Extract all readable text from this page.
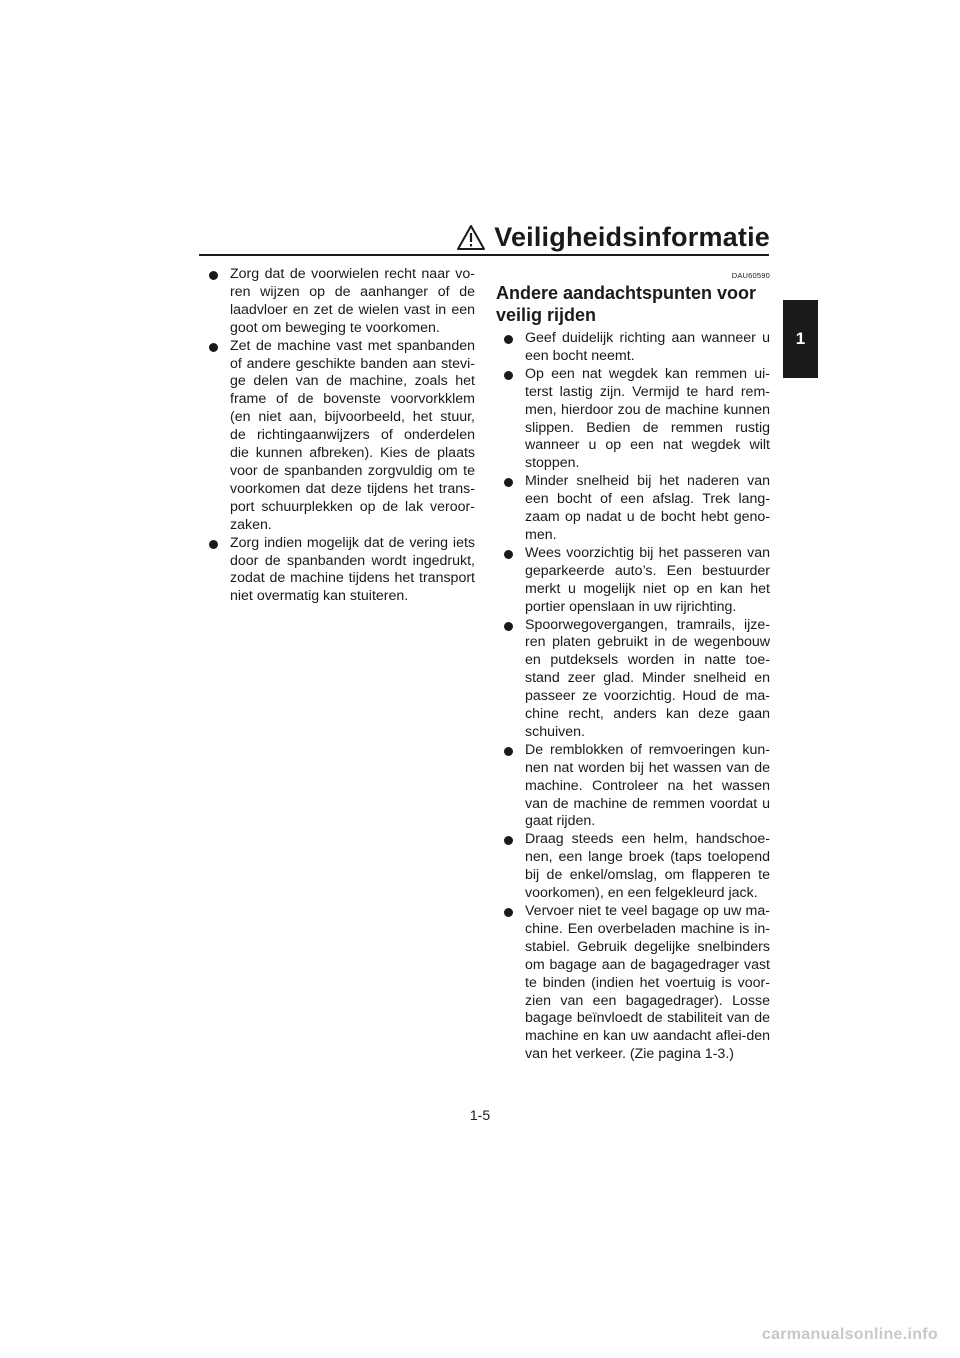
Veiligheidsinformatie
1
Zorg dat de voorwielen recht naar vo-ren wijzen op de aanhanger of de laadvloer en zet de wielen vast in een goot om beweging te voorkomen.
Zet de machine vast met spanbanden of andere geschikte banden aan stevi-ge delen van de machine, zoals het frame of de bovenste voorvorkklem (en niet aan, bijvoorbeeld, het stuur, de richtingaanwijzers of onderdelen die kunnen afbreken). Kies de plaats voor de spanbanden zorgvuldig om te voorkomen dat deze tijdens het trans-port schuurplekken op de lak veroor-zaken.
Zorg indien mogelijk dat de vering iets door de spanbanden wordt ingedrukt, zodat de machine tijdens het transport niet overmatig kan stuiteren.
DAU60590
Andere aandachtspunten voor veilig rijden
Geef duidelijk richting aan wanneer u een bocht neemt.
Op een nat wegdek kan remmen ui-terst lastig zijn. Vermijd te hard rem-men, hierdoor zou de machine kunnen slippen. Bedien de remmen rustig wanneer u op een nat wegdek wilt stoppen.
Minder snelheid bij het naderen van een bocht of een afslag. Trek lang-zaam op nadat u de bocht hebt geno-men.
Wees voorzichtig bij het passeren van geparkeerde auto’s. Een bestuurder merkt u mogelijk niet op en kan het portier openslaan in uw rijrichting.
Spoorwegovergangen, tramrails, ijze-ren platen gebruikt in de wegenbouw en putdeksels worden in natte toe-stand zeer glad. Minder snelheid en passeer ze voorzichtig. Houd de ma-chine recht, anders kan deze gaan schuiven.
De remblokken of remvoeringen kun-nen nat worden bij het wassen van de machine. Controleer na het wassen van de machine de remmen voordat u gaat rijden.
Draag steeds een helm, handschoe-nen, een lange broek (taps toelopend bij de enkel/omslag, om flapperen te voorkomen), en een felgekleurd jack.
Vervoer niet te veel bagage op uw ma-chine. Een overbeladen machine is in-stabiel. Gebruik degelijke snelbinders om bagage aan de bagagedrager vast te binden (indien het voertuig is voor-zien van een bagagedrager). Losse bagage beïnvloedt de stabiliteit van de machine en kan uw aandacht aflei-den van het verkeer. (Zie pagina 1-3.)
1-5
carmanualsonline.info
